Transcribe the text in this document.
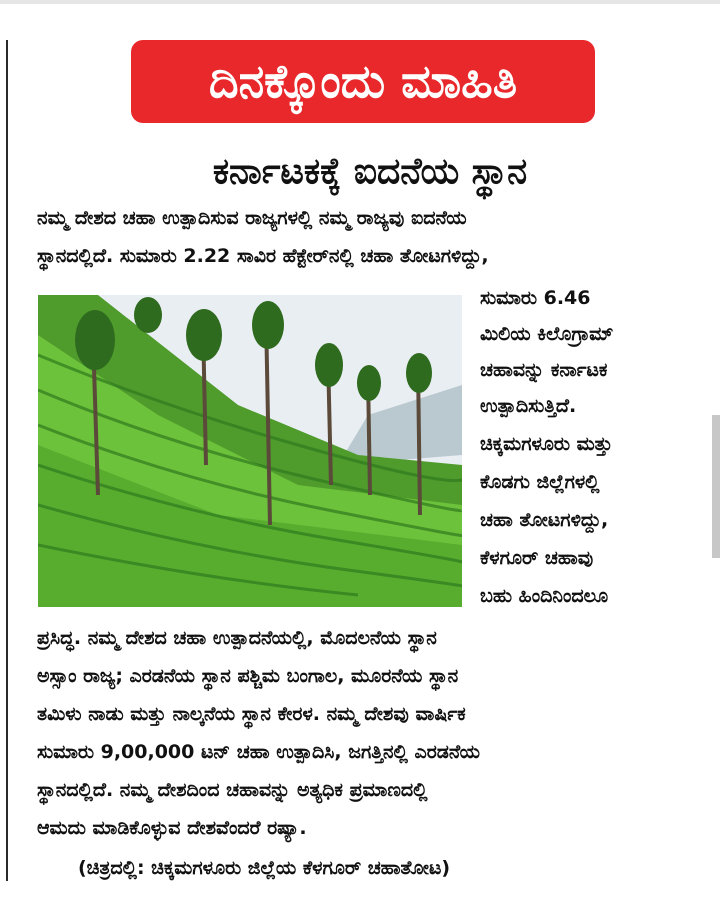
ದಿನಕ್ಕೊಂದು ಮಾಹಿತಿ
ಕರ್ನಾಟಕಕ್ಕೆ ಐದನೆಯ ಸ್ಥಾನ
ನಮ್ಮ ದೇಶದ ಚಹಾ ಉತ್ಪಾದಿಸುವ ರಾಜ್ಯಗಳಲ್ಲಿ ನಮ್ಮ ರಾಜ್ಯವು ಐದನೆಯ
ಸ್ಥಾನದಲ್ಲಿದೆ. ಸುಮಾರು 2.22 ಸಾವಿರ ಹೆಕ್ಟೇರ್‌ನಲ್ಲಿ ಚಹಾ ತೋಟಗಳಿದ್ದು,
ಸುಮಾರು 6.46
ಮಿಲಿಯ ಕಿಲೊಗ್ರಾಮ್
ಚಹಾವನ್ನು ಕರ್ನಾಟಕ
ಉತ್ಪಾದಿಸುತ್ತಿದೆ.
ಚಿಕ್ಕಮಗಳೂರು ಮತ್ತು
ಕೊಡಗು ಜಿಲ್ಲೆಗಳಲ್ಲಿ
ಚಹಾ ತೋಟಗಳಿದ್ದು,
ಕೆಳಗೂರ್ ಚಹಾವು
ಬಹು ಹಿಂದಿನಿಂದಲೂ
ಪ್ರಸಿದ್ಧ. ನಮ್ಮ ದೇಶದ ಚಹಾ ಉತ್ಪಾದನೆಯಲ್ಲಿ, ಮೊದಲನೆಯ ಸ್ಥಾನ
ಅಸ್ಸಾಂ ರಾಜ್ಯ; ಎರಡನೆಯ ಸ್ಥಾನ ಪಶ್ಚಿಮ ಬಂಗಾಲ, ಮೂರನೆಯ ಸ್ಥಾನ
ತಮಿಳು ನಾಡು ಮತ್ತು ನಾಲ್ಕನೆಯ ಸ್ಥಾನ ಕೇರಳ. ನಮ್ಮ ದೇಶವು ವಾರ್ಷಿಕ
ಸುಮಾರು 9,00,000 ಟನ್ ಚಹಾ ಉತ್ಪಾದಿಸಿ, ಜಗತ್ತಿನಲ್ಲಿ ಎರಡನೆಯ
ಸ್ಥಾನದಲ್ಲಿದೆ. ನಮ್ಮ ದೇಶದಿಂದ ಚಹಾವನ್ನು ಅತ್ಯಧಿಕ ಪ್ರಮಾಣದಲ್ಲಿ
ಆಮದು ಮಾಡಿಕೊಳ್ಳುವ ದೇಶವೆಂದರೆ ರಷ್ಯಾ.
(ಚಿತ್ರದಲ್ಲಿ: ಚಿಕ್ಕಮಗಳೂರು ಜಿಲ್ಲೆಯ ಕೆಳಗೂರ್ ಚಹಾತೋಟ)
